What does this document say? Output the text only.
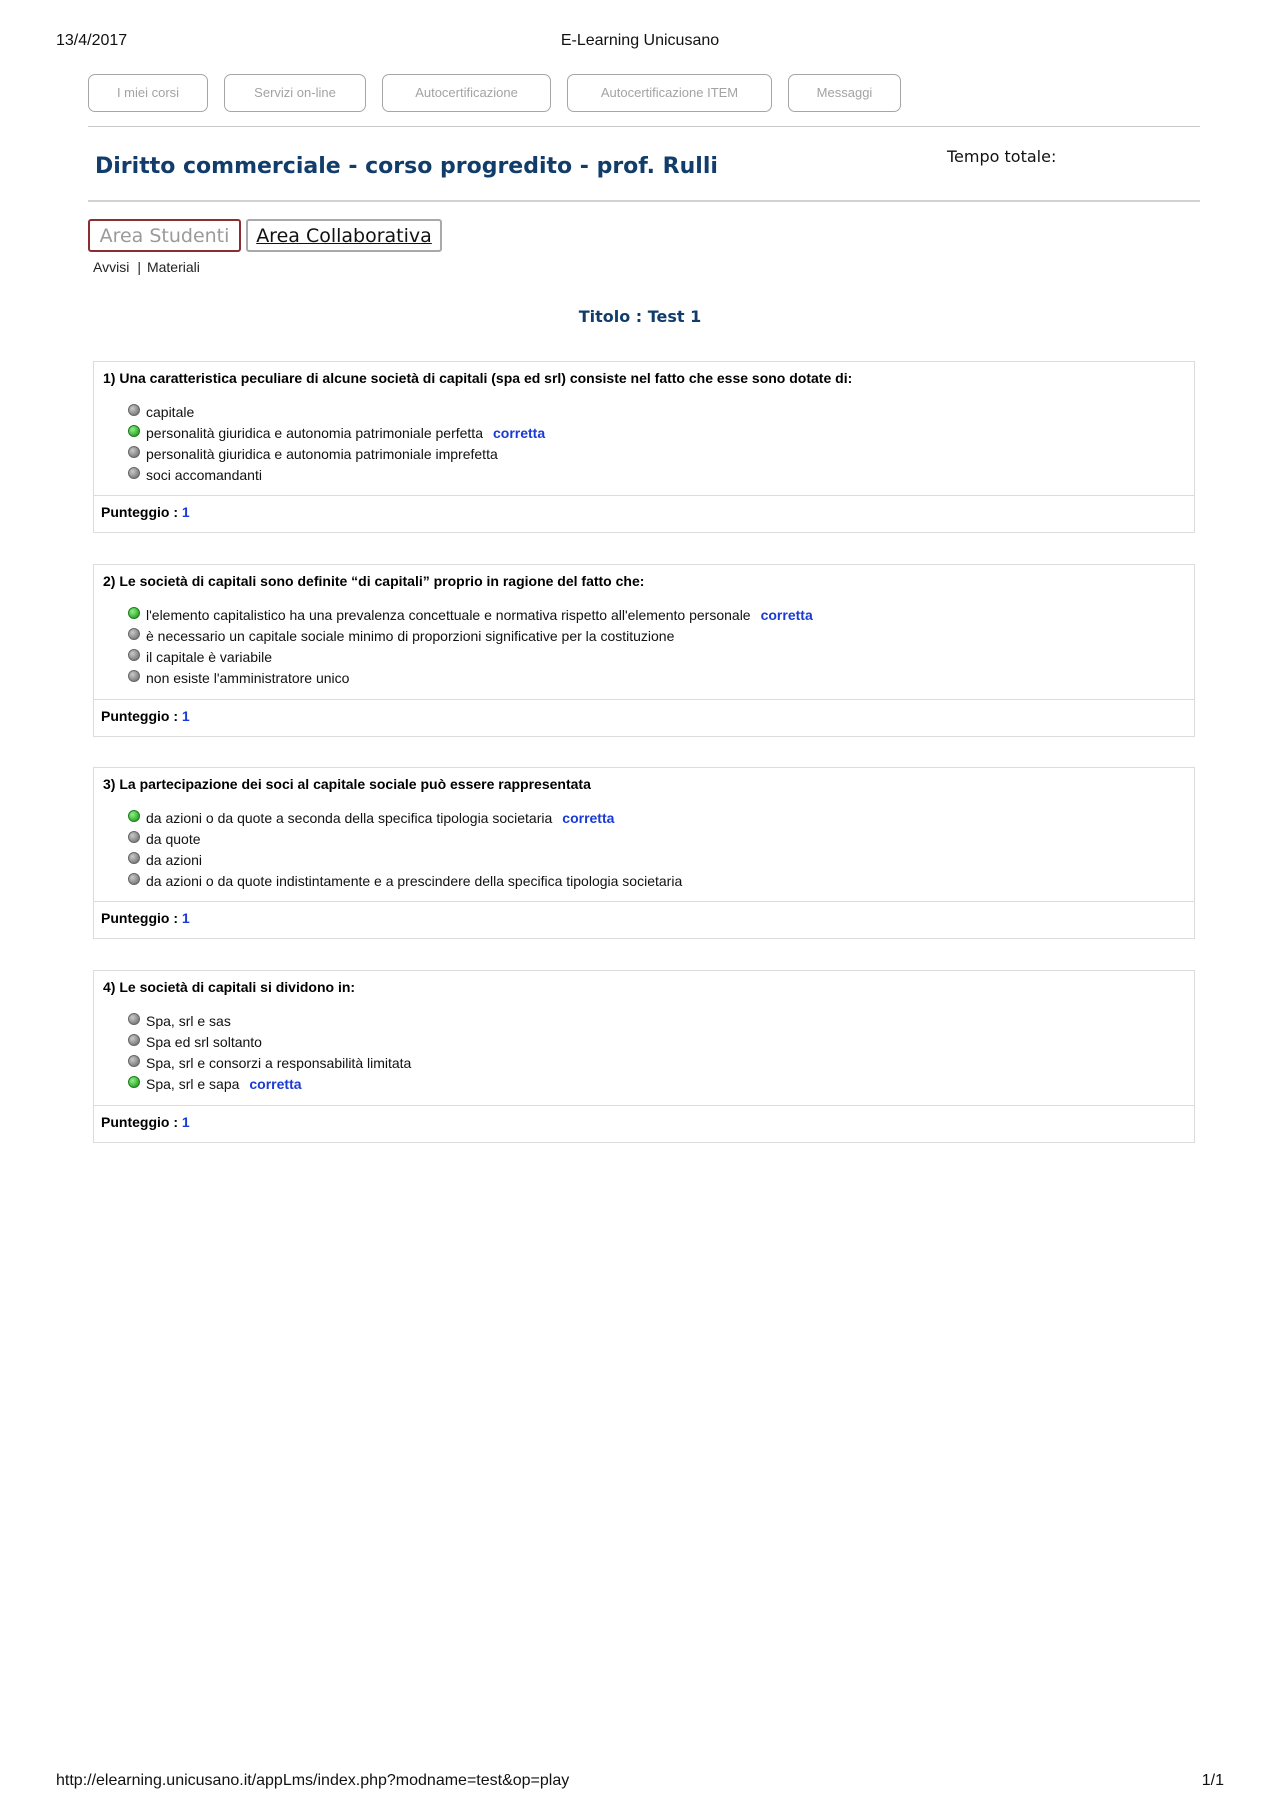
13/4/2017	E-Learning Unicusano
I miei corsi	Servizi on-line	Autocertificazione	Autocertificazione ITEM	Messaggi
Diritto commerciale - corso progredito - prof. Rulli	Tempo totale:
Area Studenti	Area Collaborativa
Avvisi | Materiali
Titolo : Test 1
1) Una caratteristica peculiare di alcune società di capitali (spa ed srl) consiste nel fatto che esse sono dotate di:
capitale
personalità giuridica e autonomia patrimoniale perfetta corretta
personalità giuridica e autonomia patrimoniale imprefetta
soci accomandanti
Punteggio : 1
2) Le società di capitali sono definite “di capitali” proprio in ragione del fatto che:
l'elemento capitalistico ha una prevalenza concettuale e normativa rispetto all'elemento personale corretta
è necessario un capitale sociale minimo di proporzioni significative per la costituzione
il capitale è variabile
non esiste l'amministratore unico
Punteggio : 1
3) La partecipazione dei soci al capitale sociale può essere rappresentata
da azioni o da quote a seconda della specifica tipologia societaria corretta
da quote
da azioni
da azioni o da quote indistintamente e a prescindere della specifica tipologia societaria
Punteggio : 1
4) Le società di capitali si dividono in:
Spa, srl e sas
Spa ed srl soltanto
Spa, srl e consorzi a responsabilità limitata
Spa, srl e sapa corretta
Punteggio : 1
http://elearning.unicusano.it/appLms/index.php?modname=test&op=play	1/1
